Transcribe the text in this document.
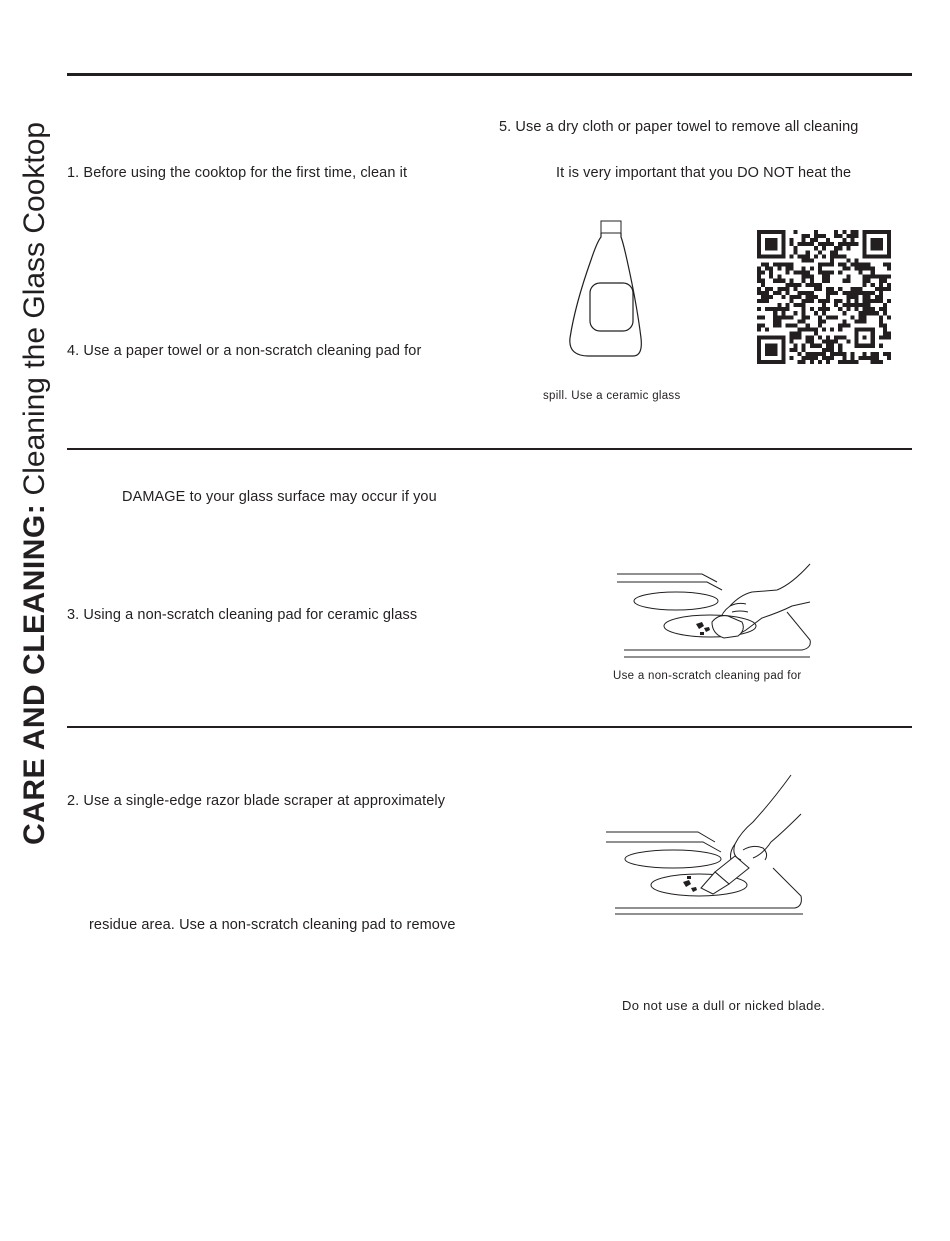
CARE AND CLEANING: Cleaning the Glass Cooktop	5. Use a dry cloth or paper towel to remove all cleaning
1. Before using the cooktop for the first time, clean it	It is very important that you DO NOT heat the
4. Use a paper towel or a non-scratch cleaning pad for
DAMAGE to your glass surface may occur if you
3. Using a non-scratch cleaning pad for ceramic glass
2. Use a single-edge razor blade scraper at approximately
residue area. Use a non-scratch cleaning pad to remove
spill. Use a ceramic glass
Use a non-scratch cleaning pad for
Do not use a dull or nicked blade.
